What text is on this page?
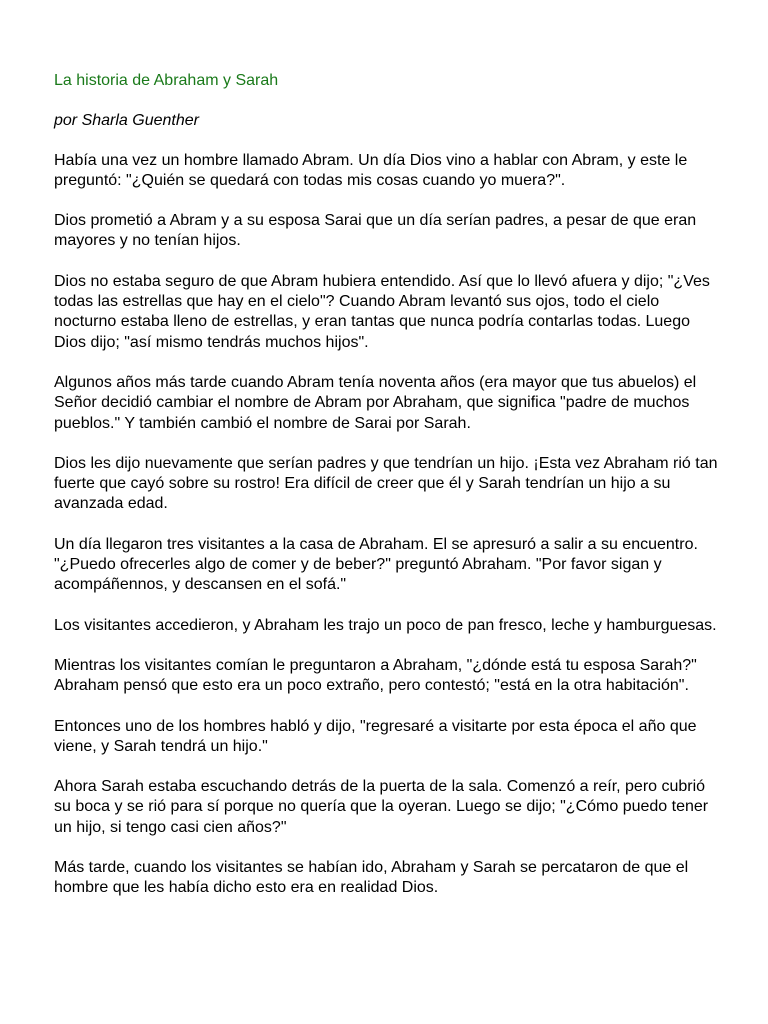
La historia de Abraham y Sarah
por Sharla Guenther

Había una vez un hombre llamado Abram. Un día Dios vino a hablar con Abram, y este le preguntó: "¿Quién se quedará con todas mis cosas cuando yo muera?".

Dios prometió a Abram y a su esposa Sarai que un día serían padres, a pesar de que eran mayores y no tenían hijos.

Dios no estaba seguro de que Abram hubiera entendido. Así que lo llevó afuera y dijo; "¿Ves todas las estrellas que hay en el cielo"? Cuando Abram levantó sus ojos, todo el cielo nocturno estaba lleno de estrellas, y eran tantas que nunca podría contarlas todas. Luego Dios dijo; "así mismo tendrás muchos hijos".

Algunos años más tarde cuando Abram tenía noventa años (era mayor que tus abuelos) el Señor decidió cambiar el nombre de Abram por Abraham, que significa "padre de muchos pueblos." Y también cambió el nombre de Sarai por Sarah.

Dios les dijo nuevamente que serían padres y que tendrían un hijo. ¡Esta vez Abraham rió tan fuerte que cayó sobre su rostro! Era difícil de creer que él y Sarah tendrían un hijo a su avanzada edad.

Un día llegaron tres visitantes a la casa de Abraham. El se apresuró a salir a su encuentro. "¿Puedo ofrecerles algo de comer y de beber?" preguntó Abraham. "Por favor sigan y acompáñennos, y descansen en el sofá."

Los visitantes accedieron, y Abraham les trajo un poco de pan fresco, leche y hamburguesas.

Mientras los visitantes comían le preguntaron a Abraham, "¿dónde está tu esposa Sarah?" Abraham pensó que esto era un poco extraño, pero contestó; "está en la otra habitación".

Entonces uno de los hombres habló y dijo, "regresaré a visitarte por esta época el año que viene, y Sarah tendrá un hijo."

Ahora Sarah estaba escuchando detrás de la puerta de la sala. Comenzó a reír, pero cubrió su boca y se rió para sí porque no quería que la oyeran. Luego se dijo; "¿Cómo puedo tener un hijo, si tengo casi cien años?"

Más tarde, cuando los visitantes se habían ido, Abraham y Sarah se percataron de que el hombre que les había dicho esto era en realidad Dios.
